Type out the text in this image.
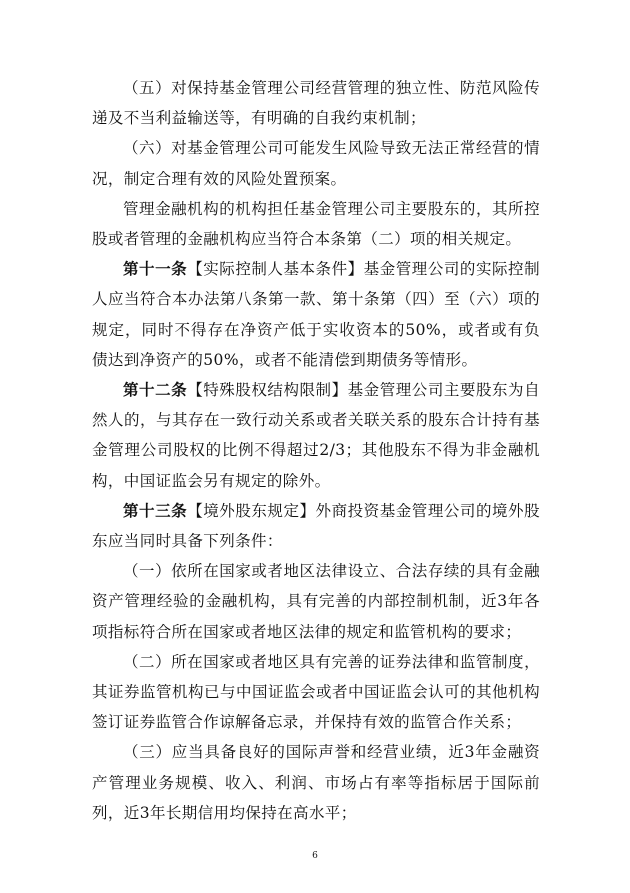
（五）对保持基金管理公司经营管理的独立性、防范风险传递及不当利益输送等，有明确的自我约束机制；

（六）对基金管理公司可能发生风险导致无法正常经营的情况，制定合理有效的风险处置预案。

管理金融机构的机构担任基金管理公司主要股东的，其所控股或者管理的金融机构应当符合本条第（二）项的相关规定。

第十一条【实际控制人基本条件】基金管理公司的实际控制人应当符合本办法第八条第一款、第十条第（四）至（六）项的规定，同时不得存在净资产低于实收资本的50%，或者或有负债达到净资产的50%，或者不能清偿到期债务等情形。

第十二条【特殊股权结构限制】基金管理公司主要股东为自然人的，与其存在一致行动关系或者关联关系的股东合计持有基金管理公司股权的比例不得超过2/3；其他股东不得为非金融机构，中国证监会另有规定的除外。

第十三条【境外股东规定】外商投资基金管理公司的境外股东应当同时具备下列条件：

（一）依所在国家或者地区法律设立、合法存续的具有金融资产管理经验的金融机构，具有完善的内部控制机制，近3年各项指标符合所在国家或者地区法律的规定和监管机构的要求；

（二）所在国家或者地区具有完善的证券法律和监管制度，其证券监管机构已与中国证监会或者中国证监会认可的其他机构签订证券监管合作谅解备忘录，并保持有效的监管合作关系；

（三）应当具备良好的国际声誉和经营业绩，近3年金融资产管理业务规模、收入、利润、市场占有率等指标居于国际前列，近3年长期信用均保持在高水平；

6
